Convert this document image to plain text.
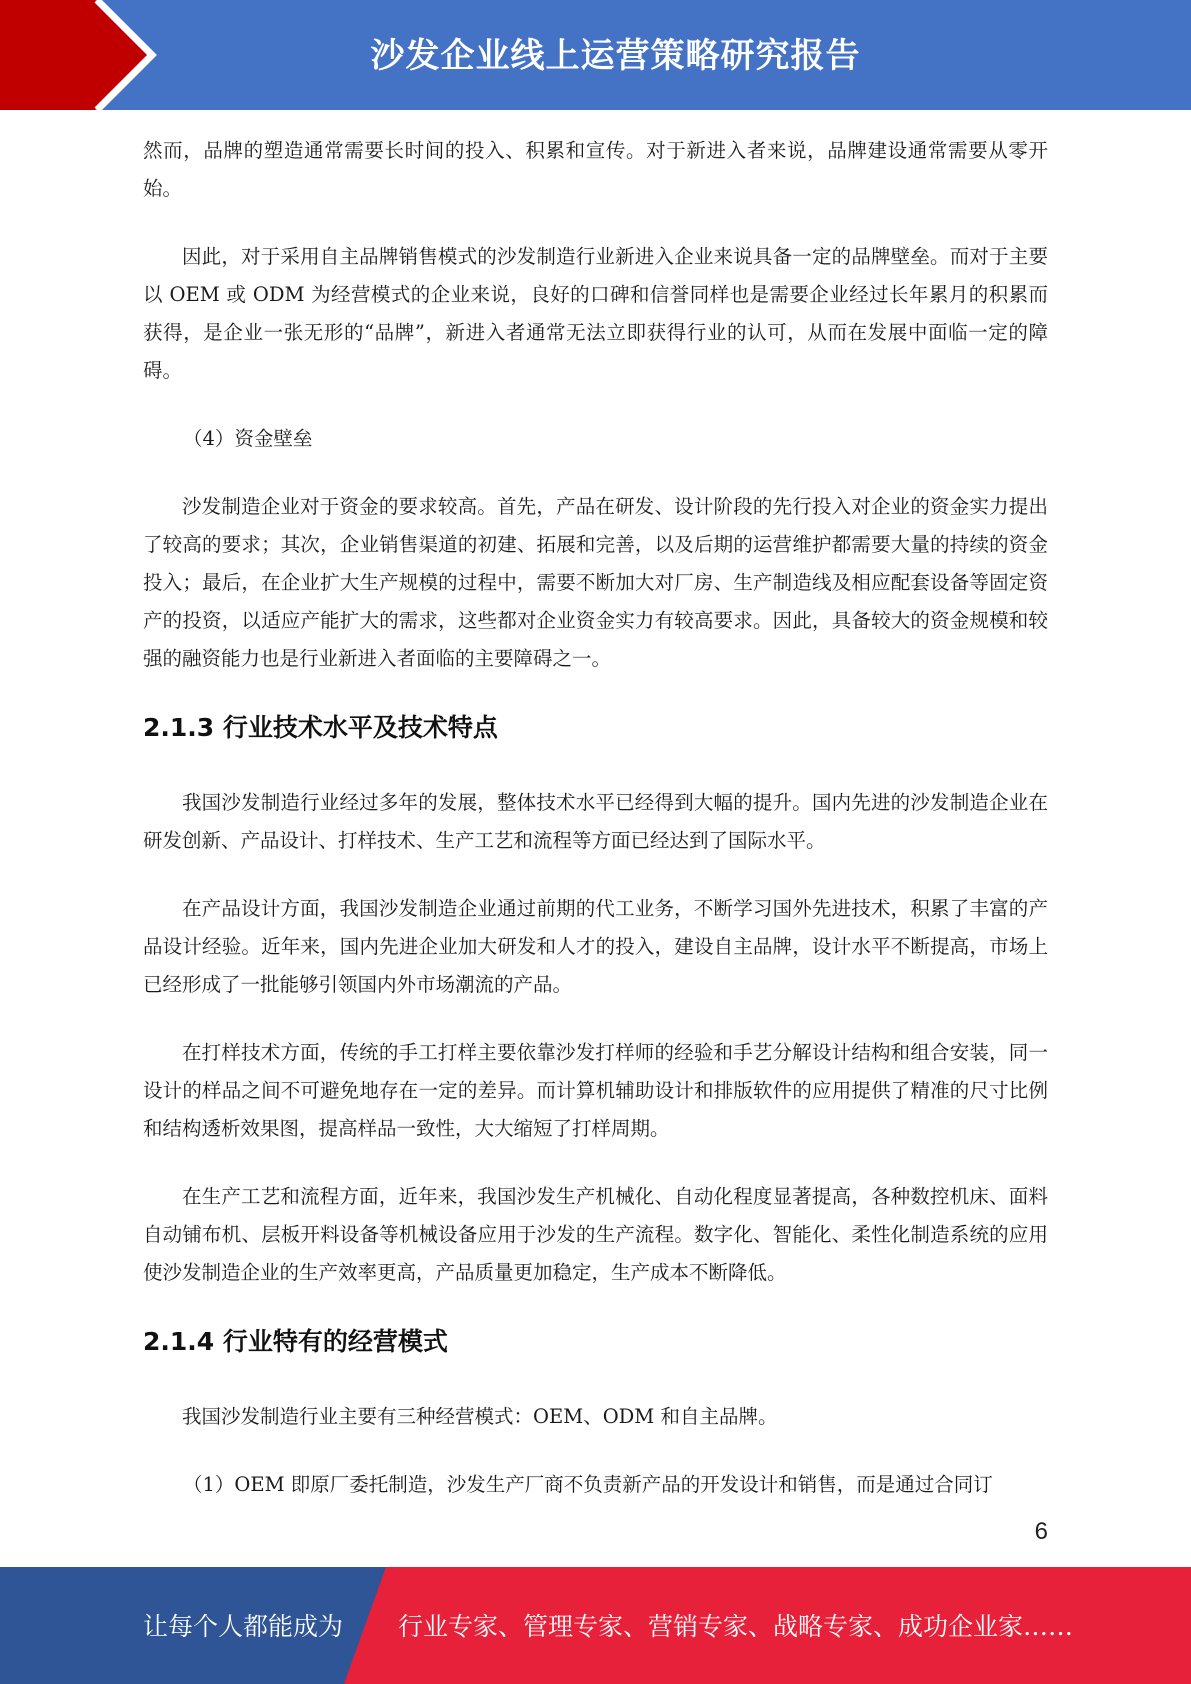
沙发企业线上运营策略研究报告

然而，品牌的塑造通常需要长时间的投入、积累和宣传。对于新进入者来说，品牌建设通常需要从零开始。

因此，对于采用自主品牌销售模式的沙发制造行业新进入企业来说具备一定的品牌壁垒。而对于主要以 OEM 或 ODM 为经营模式的企业来说，良好的口碑和信誉同样也是需要企业经过长年累月的积累而获得，是企业一张无形的“品牌”，新进入者通常无法立即获得行业的认可，从而在发展中面临一定的障碍。

（4）资金壁垒

沙发制造企业对于资金的要求较高。首先，产品在研发、设计阶段的先行投入对企业的资金实力提出了较高的要求；其次，企业销售渠道的初建、拓展和完善，以及后期的运营维护都需要大量的持续的资金投入；最后，在企业扩大生产规模的过程中，需要不断加大对厂房、生产制造线及相应配套设备等固定资产的投资，以适应产能扩大的需求，这些都对企业资金实力有较高要求。因此，具备较大的资金规模和较强的融资能力也是行业新进入者面临的主要障碍之一。

2.1.3 行业技术水平及技术特点

我国沙发制造行业经过多年的发展，整体技术水平已经得到大幅的提升。国内先进的沙发制造企业在研发创新、产品设计、打样技术、生产工艺和流程等方面已经达到了国际水平。

在产品设计方面，我国沙发制造企业通过前期的代工业务，不断学习国外先进技术，积累了丰富的产品设计经验。近年来，国内先进企业加大研发和人才的投入，建设自主品牌，设计水平不断提高，市场上已经形成了一批能够引领国内外市场潮流的产品。

在打样技术方面，传统的手工打样主要依靠沙发打样师的经验和手艺分解设计结构和组合安装，同一设计的样品之间不可避免地存在一定的差异。而计算机辅助设计和排版软件的应用提供了精准的尺寸比例和结构透析效果图，提高样品一致性，大大缩短了打样周期。

在生产工艺和流程方面，近年来，我国沙发生产机械化、自动化程度显著提高，各种数控机床、面料自动铺布机、层板开料设备等机械设备应用于沙发的生产流程。数字化、智能化、柔性化制造系统的应用使沙发制造企业的生产效率更高，产品质量更加稳定，生产成本不断降低。

2.1.4 行业特有的经营模式

我国沙发制造行业主要有三种经营模式：OEM、ODM 和自主品牌。

（1）OEM 即原厂委托制造，沙发生产厂商不负责新产品的开发设计和销售，而是通过合同订

6
让每个人都能成为 行业专家、管理专家、营销专家、战略专家、成功企业家……
